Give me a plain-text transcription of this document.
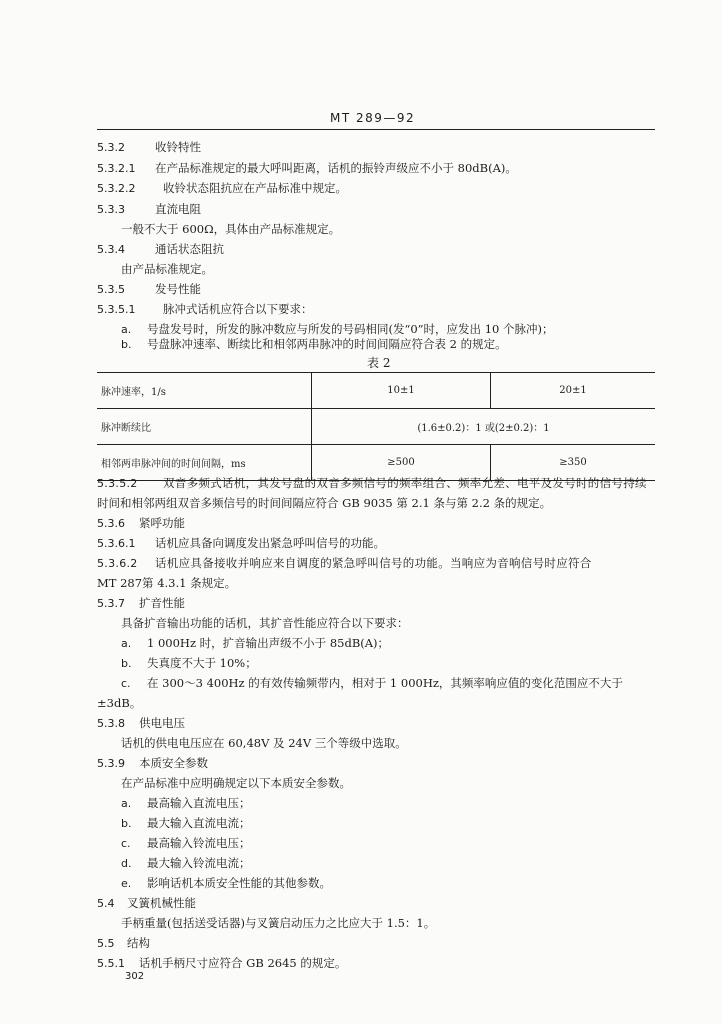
MT 289—92
5.3.2	收铃特性
5.3.2.1 在产品标准规定的最大呼叫距离，话机的振铃声级应不小于 80dB(A)。
5.3.2.2 收铃状态阻抗应在产品标准中规定。
5.3.3	直流电阻
一般不大于 600Ω，具体由产品标准规定。
5.3.4	通话状态阻抗
由产品标准规定。
5.3.5	发号性能
5.3.5.1 脉冲式话机应符合以下要求：
a. 号盘发号时，所发的脉冲数应与所发的号码相同(发“0”时，应发出 10 个脉冲)；
b. 号盘脉冲速率、断续比和相邻两串脉冲的时间间隔应符合表 2 的规定。
表 2
脉冲速率，1/s	10±1	20±1
脉冲断续比	(1.6±0.2)：1 或(2±0.2)：1	
相邻两串脉冲间的时间间隔，ms	≥500	≥350
5.3.5.2 双音多频式话机，其发号盘的双音多频信号的频率组合、频率允差、电平及发号时的信号持续
时间和相邻两组双音多频信号的时间间隔应符合 GB 9035 第 2.1 条与第 2.2 条的规定。
5.3.6 紧呼功能
5.3.6.1 话机应具备向调度发出紧急呼叫信号的功能。
5.3.6.2 话机应具备接收并响应来自调度的紧急呼叫信号的功能。当响应为音响信号时应符合
MT 287第 4.3.1 条规定。
5.3.7 扩音性能
具备扩音输出功能的话机，其扩音性能应符合以下要求：
a. 1 000Hz 时，扩音输出声级不小于 85dB(A)；
b. 失真度不大于 10%；
c. 在 300～3 400Hz 的有效传输频带内，相对于 1 000Hz，其频率响应值的变化范围应不大于
±3dB。
5.3.8 供电电压
话机的供电电压应在 60,48V 及 24V 三个等级中选取。
5.3.9 本质安全参数
在产品标准中应明确规定以下本质安全参数。
a. 最高输入直流电压；
b. 最大输入直流电流；
c. 最高输入铃流电压；
d. 最大输入铃流电流；
e. 影响话机本质安全性能的其他参数。
5.4 叉簧机械性能
手柄重量(包括送受话器)与叉簧启动压力之比应大于 1.5：1。
5.5 结构
5.5.1 话机手柄尺寸应符合 GB 2645 的规定。
302
